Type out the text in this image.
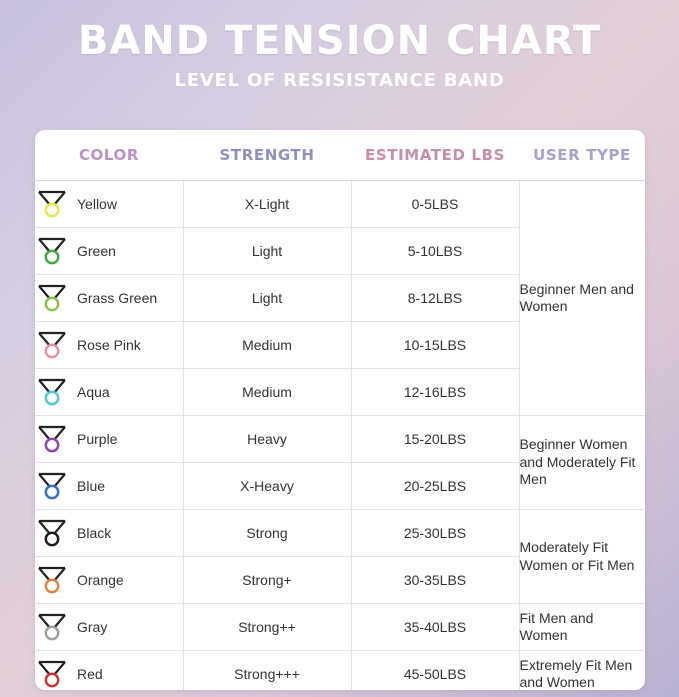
BAND TENSION CHART
LEVEL OF RESISISTANCE BAND
COLOR	STRENGTH	ESTIMATED LBS	USER TYPE

Yellow	X-Light	0-5LBS	Beginner Men and Women

Green	Light	5-10LBS	

Grass Green	Light	8-12LBS	

Rose Pink	Medium	10-15LBS	

Aqua	Medium	12-16LBS	

Purple	Heavy	15-20LBS	Beginner Women and Moderately Fit Men

Blue	X-Heavy	20-25LBS	

Black	Strong	25-30LBS	Moderately Fit Women or Fit Men

Orange	Strong+	30-35LBS	

Gray	Strong++	35-40LBS	Fit Men and Women

Red	Strong+++	45-50LBS	Extremely Fit Men and Women
